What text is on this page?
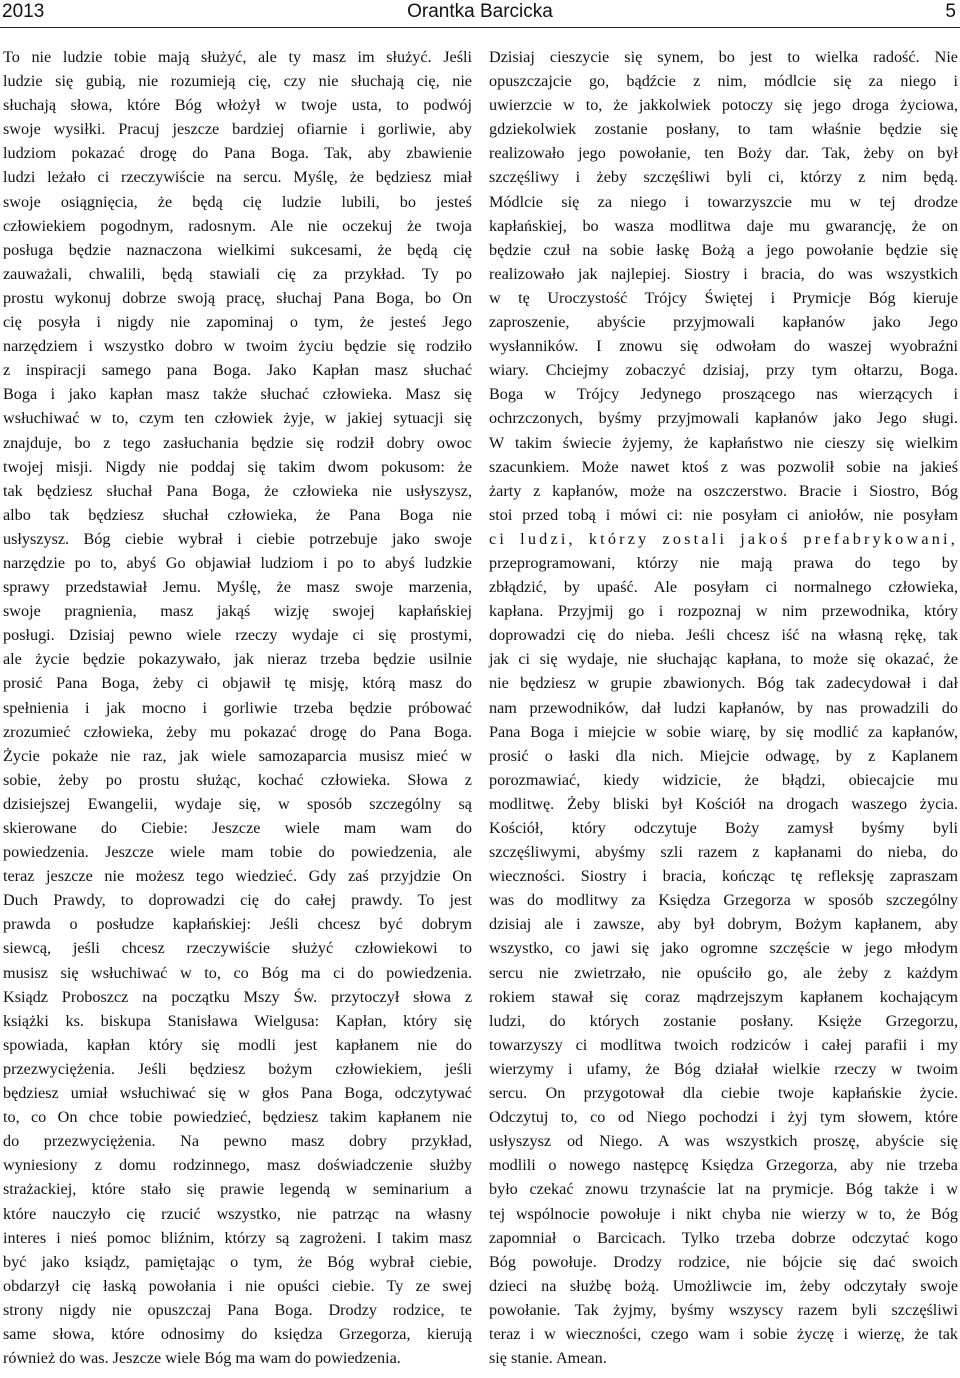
2013	Orantka Barcicka	5
To nie ludzie tobie mają służyć, ale ty masz im służyć. Jeśli
ludzie się gubią, nie rozumieją cię, czy nie słuchają cię, nie
słuchają słowa, które Bóg włożył w twoje usta, to podwój
swoje wysiłki. Pracuj jeszcze bardziej ofiarnie i gorliwie, aby
ludziom pokazać drogę do Pana Boga. Tak, aby zbawienie
ludzi leżało ci rzeczywiście na sercu. Myślę, że będziesz miał
swoje osiągnięcia, że będą cię ludzie lubili, bo jesteś
człowiekiem pogodnym, radosnym. Ale nie oczekuj że twoja
posługa będzie naznaczona wielkimi sukcesami, że będą cię
zauważali, chwalili, będą stawiali cię za przykład. Ty po
prostu wykonuj dobrze swoją pracę, słuchaj Pana Boga, bo On
cię posyła i nigdy nie zapominaj o tym, że jesteś Jego
narzędziem i wszystko dobro w twoim życiu będzie się rodziło
z inspiracji samego pana Boga. Jako Kapłan masz słuchać
Boga i jako kapłan masz także słuchać człowieka. Masz się
wsłuchiwać w to, czym ten człowiek żyje, w jakiej sytuacji się
znajduje, bo z tego zasłuchania będzie się rodził dobry owoc
twojej misji. Nigdy nie poddaj się takim dwom pokusom: że
tak będziesz słuchał Pana Boga, że człowieka nie usłyszysz,
albo tak będziesz słuchał człowieka, że Pana Boga nie
usłyszysz. Bóg ciebie wybrał i ciebie potrzebuje jako swoje
narzędzie po to, abyś Go objawiał ludziom i po to abyś ludzkie
sprawy przedstawiał Jemu. Myślę, że masz swoje marzenia,
swoje pragnienia, masz jakąś wizję swojej kapłańskiej
posługi. Dzisiaj pewno wiele rzeczy wydaje ci się prostymi,
ale życie będzie pokazywało, jak nieraz trzeba będzie usilnie
prosić Pana Boga, żeby ci objawił tę misję, którą masz do
spełnienia i jak mocno i gorliwie trzeba będzie próbować
zrozumieć człowieka, żeby mu pokazać drogę do Pana Boga.
Życie pokaże nie raz, jak wiele samozaparcia musisz mieć w
sobie, żeby po prostu służąc, kochać człowieka. Słowa z
dzisiejszej Ewangelii, wydaje się, w sposób szczególny są
skierowane do Ciebie: Jeszcze wiele mam wam do
powiedzenia. Jeszcze wiele mam tobie do powiedzenia, ale
teraz jeszcze nie możesz tego wiedzieć. Gdy zaś przyjdzie On
Duch Prawdy, to doprowadzi cię do całej prawdy. To jest
prawda o posłudze kapłańskiej: Jeśli chcesz być dobrym
siewcą, jeśli chcesz rzeczywiście służyć człowiekowi to
musisz się wsłuchiwać w to, co Bóg ma ci do powiedzenia.
Ksiądz Proboszcz na początku Mszy Św. przytoczył słowa z
książki ks. biskupa Stanisława Wielgusa: Kapłan, który się
spowiada, kapłan który się modli jest kapłanem nie do
przezwyciężenia. Jeśli będziesz bożym człowiekiem, jeśli
będziesz umiał wsłuchiwać się w głos Pana Boga, odczytywać
to, co On chce tobie powiedzieć, będziesz takim kapłanem nie
do przezwyciężenia. Na pewno masz dobry przykład,
wyniesiony z domu rodzinnego, masz doświadczenie służby
strażackiej, które stało się prawie legendą w seminarium a
które nauczyło cię rzucić wszystko, nie patrząc na własny
interes i nieś pomoc bliźnim, którzy są zagrożeni. I takim masz
być jako ksiądz, pamiętając o tym, że Bóg wybrał ciebie,
obdarzył cię łaską powołania i nie opuści ciebie. Ty ze swej
strony nigdy nie opuszczaj Pana Boga. Drodzy rodzice, te
same słowa, które odnosimy do księdza Grzegorza, kierują
również do was. Jeszcze wiele Bóg ma wam do powiedzenia.
Dzisiaj cieszycie się synem, bo jest to wielka radość. Nie
opuszczajcie go, bądźcie z nim, módlcie się za niego i
uwierzcie w to, że jakkolwiek potoczy się jego droga życiowa,
gdziekolwiek zostanie posłany, to tam właśnie będzie się
realizowało jego powołanie, ten Boży dar. Tak, żeby on był
szczęśliwy i żeby szczęśliwi byli ci, którzy z nim będą.
Módlcie się za niego i towarzyszcie mu w tej drodze
kapłańskiej, bo wasza modlitwa daje mu gwarancję, że on
będzie czuł na sobie łaskę Bożą a jego powołanie będzie się
realizowało jak najlepiej. Siostry i bracia, do was wszystkich
w tę Uroczystość Trójcy Świętej i Prymicje Bóg kieruje
zaproszenie, abyście przyjmowali kapłanów jako Jego
wysłanników. I znowu się odwołam do waszej wyobraźni
wiary. Chciejmy zobaczyć dzisiaj, przy tym ołtarzu, Boga.
Boga w Trójcy Jedynego proszącego nas wierzących i
ochrzczonych, byśmy przyjmowali kapłanów jako Jego sługi.
W takim świecie żyjemy, że kapłaństwo nie cieszy się wielkim
szacunkiem. Może nawet ktoś z was pozwolił sobie na jakieś
żarty z kapłanów, może na oszczerstwo. Bracie i Siostro, Bóg
stoi przed tobą i mówi ci: nie posyłam ci aniołów, nie posyłam
ci ludzi, którzy zostali jakoś prefabrykowani,
przeprogramowani, którzy nie mają prawa do tego by
zbłądzić, by upaść. Ale posyłam ci normalnego człowieka,
kapłana. Przyjmij go i rozpoznaj w nim przewodnika, który
doprowadzi cię do nieba. Jeśli chcesz iść na własną rękę, tak
jak ci się wydaje, nie słuchając kapłana, to może się okazać, że
nie będziesz w grupie zbawionych. Bóg tak zadecydował i dał
nam przewodników, dał ludzi kapłanów, by nas prowadzili do
Pana Boga i miejcie w sobie wiarę, by się modlić za kapłanów,
prosić o łaski dla nich. Miejcie odwagę, by z Kaplanem
porozmawiać, kiedy widzicie, że błądzi, obiecajcie mu
modlitwę. Żeby bliski był Kościół na drogach waszego życia.
Kościół, który odczytuje Boży zamysł byśmy byli
szczęśliwymi, abyśmy szli razem z kapłanami do nieba, do
wieczności. Siostry i bracia, kończąc tę refleksję zapraszam
was do modlitwy za Księdza Grzegorza w sposób szczególny
dzisiaj ale i zawsze, aby był dobrym, Bożym kapłanem, aby
wszystko, co jawi się jako ogromne szczęście w jego młodym
sercu nie zwietrzało, nie opuściło go, ale żeby z każdym
rokiem stawał się coraz mądrzejszym kapłanem kochającym
ludzi, do których zostanie posłany. Księże Grzegorzu,
towarzyszy ci modlitwa twoich rodziców i całej parafii i my
wierzymy i ufamy, że Bóg działał wielkie rzeczy w twoim
sercu. On przygotował dla ciebie twoje kapłańskie życie.
Odczytuj to, co od Niego pochodzi i żyj tym słowem, które
usłyszysz od Niego. A was wszystkich proszę, abyście się
modlili o nowego następcę Księdza Grzegorza, aby nie trzeba
było czekać znowu trzynaście lat na prymicje. Bóg także i w
tej wspólnocie powołuje i nikt chyba nie wierzy w to, że Bóg
zapomniał o Barcicach. Tylko trzeba dobrze odczytać kogo
Bóg powołuje. Drodzy rodzice, nie bójcie się dać swoich
dzieci na służbę bożą. Umożliwcie im, żeby odczytały swoje
powołanie. Tak żyjmy, byśmy wszyscy razem byli szczęśliwi
teraz i w wieczności, czego wam i sobie życzę i wierzę, że tak
się stanie. Amean.
